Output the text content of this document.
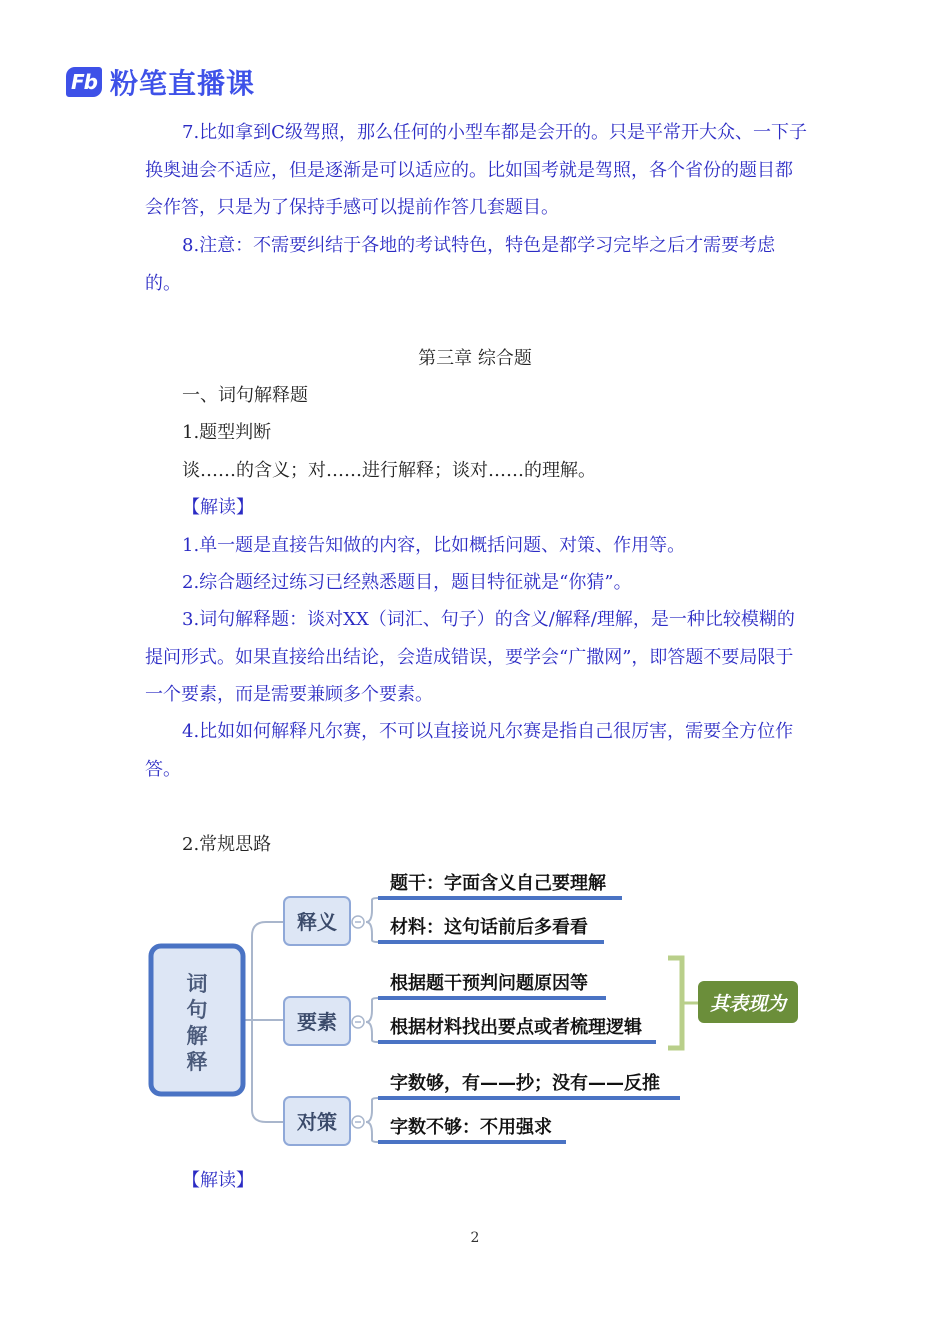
Fb 粉笔直播课
7.比如拿到C级驾照，那么任何的小型车都是会开的。只是平常开大众、一下子换奥迪会不适应，但是逐渐是可以适应的。比如国考就是驾照，各个省份的题目都会作答，只是为了保持手感可以提前作答几套题目。
8.注意：不需要纠结于各地的考试特色，特色是都学习完毕之后才需要考虑的。
第三章 综合题
一、词句解释题
1.题型判断
谈……的含义；对……进行解释；谈对……的理解。
【解读】
1.单一题是直接告知做的内容，比如概括问题、对策、作用等。
2.综合题经过练习已经熟悉题目，题目特征就是“你猜”。
3.词句解释题：谈对XX（词汇、句子）的含义/解释/理解，是一种比较模糊的提问形式。如果直接给出结论，会造成错误，要学会“广撒网”，即答题不要局限于一个要素，而是需要兼顾多个要素。
4.比如如何解释凡尔赛，不可以直接说凡尔赛是指自己很厉害，需要全方位作答。
2.常规思路
词
句
解
释
释义
要素
对策
题干：字面含义自己要理解
材料：这句话前后多看看
根据题干预判问题原因等
根据材料找出要点或者梳理逻辑
字数够，有——抄；没有——反推
字数不够：不用强求
其表现为
【解读】
2
